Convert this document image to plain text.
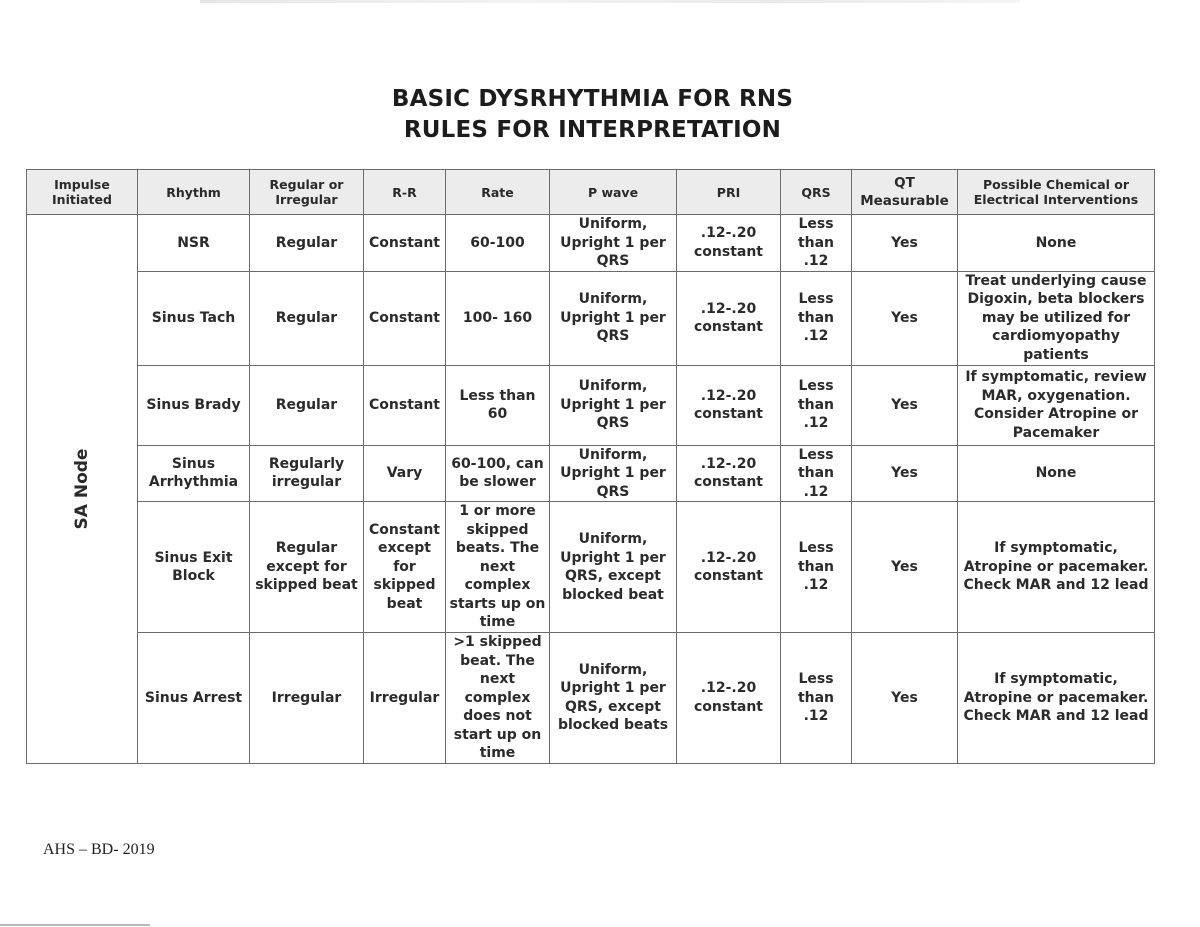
BASIC DYSRHYTHMIA FOR RNS
RULES FOR INTERPRETATION
Impulse Initiated	Rhythm	Regular or Irregular	R-R	Rate	P wave	PRI	QRS	QT Measurable	Possible Chemical or Electrical Interventions

SA Node	NSR	Regular	Constant	60-100	Uniform, Upright 1 per QRS	.12-.20 constant	Less than .12	Yes	None
	Sinus Tach	Regular	Constant	100- 160	Uniform, Upright 1 per QRS	.12-.20 constant	Less than .12	Yes	Treat underlying cause Digoxin, beta blockers may be utilized for cardiomyopathy patients
	Sinus Brady	Regular	Constant	Less than 60	Uniform, Upright 1 per QRS	.12-.20 constant	Less than .12	Yes	If symptomatic, review MAR, oxygenation. Consider Atropine or Pacemaker
	Sinus Arrhythmia	Regularly irregular	Vary	60-100, can be slower	Uniform, Upright 1 per QRS	.12-.20 constant	Less than .12	Yes	None
	Sinus Exit Block	Regular except for skipped beat	Constant except for skipped beat	1 or more skipped beats. The next complex starts up on time	Uniform, Upright 1 per QRS, except blocked beat	.12-.20 constant	Less than .12	Yes	If symptomatic, Atropine or pacemaker. Check MAR and 12 lead
	Sinus Arrest	Irregular	Irregular	>1 skipped beat. The next complex does not start up on time	Uniform, Upright 1 per QRS, except blocked beats	.12-.20 constant	Less than .12	Yes	If symptomatic, Atropine or pacemaker. Check MAR and 12 lead
AHS – BD- 2019
